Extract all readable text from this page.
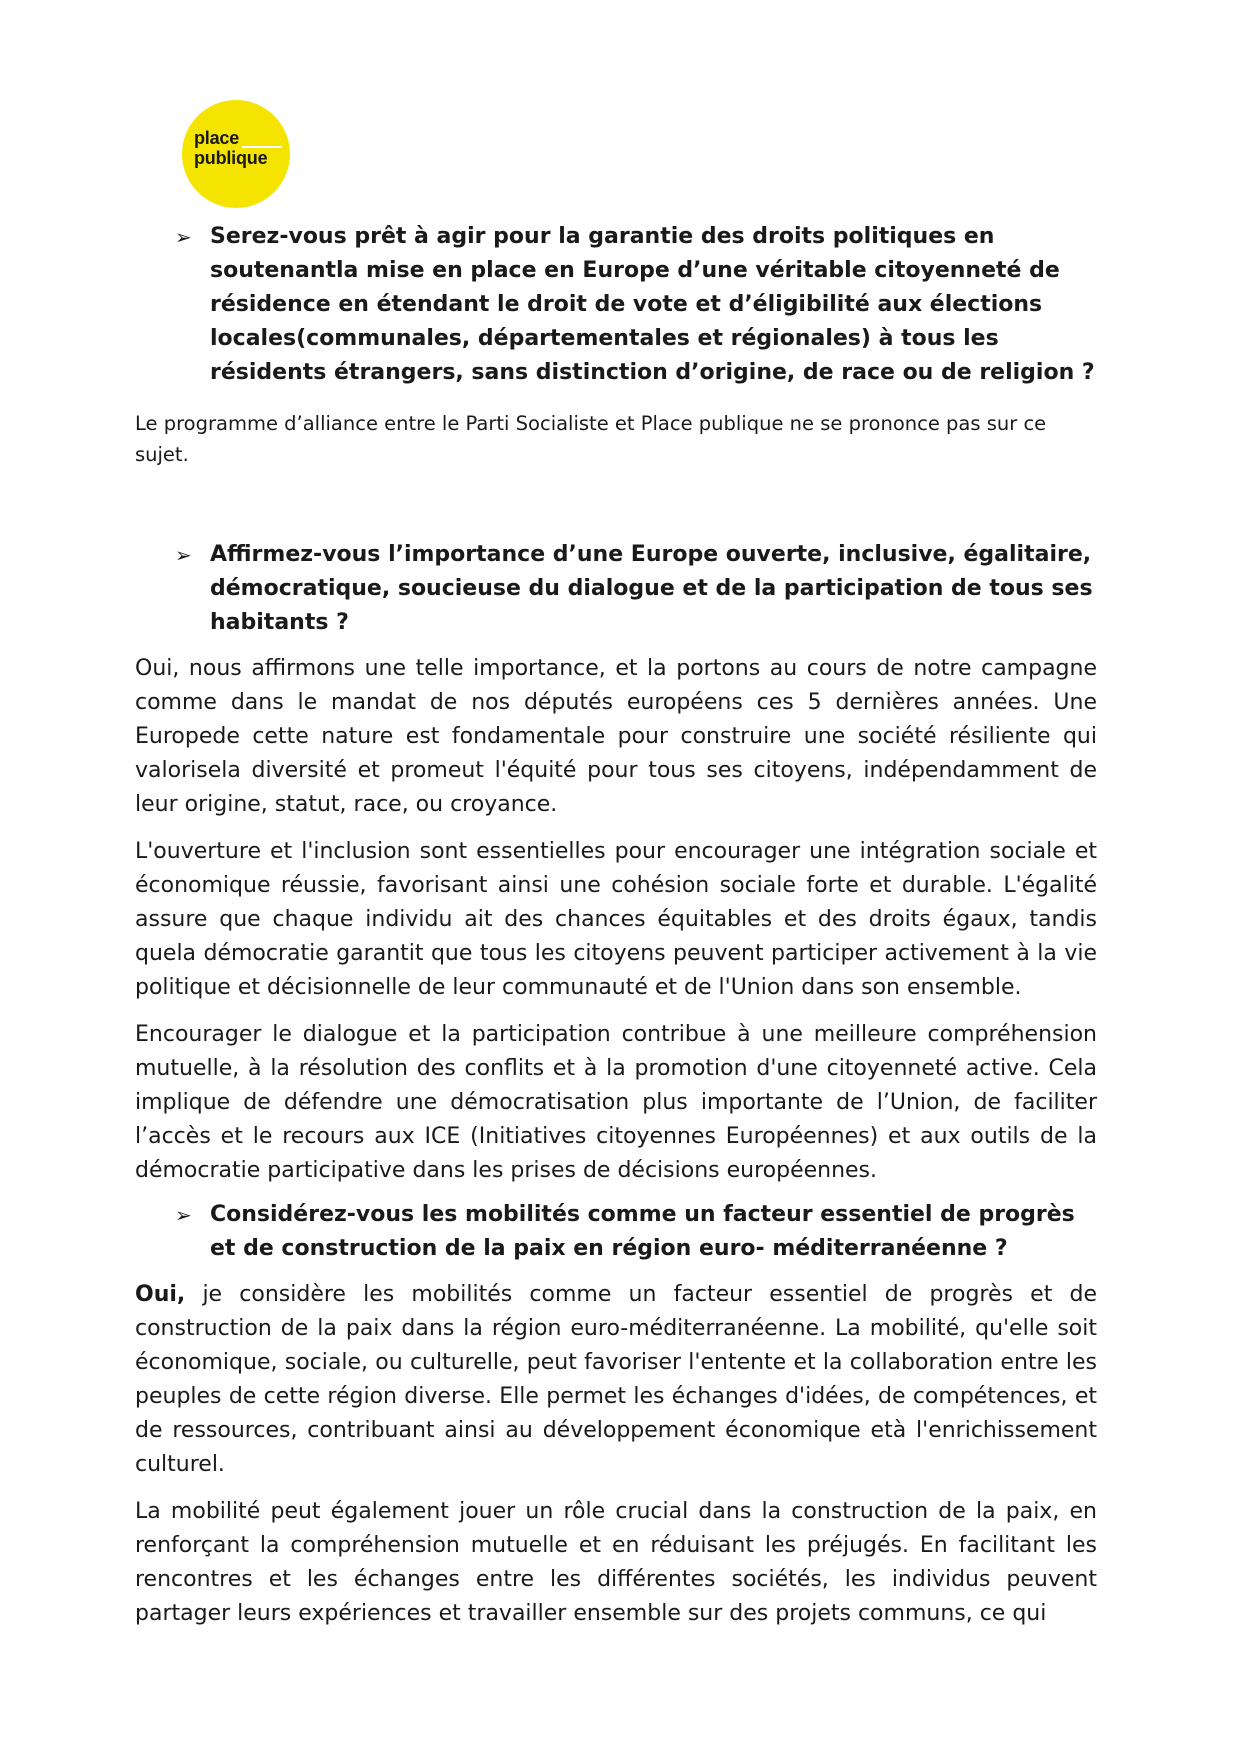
place
publique
➢ Serez-vous prêt à agir pour la garantie des droits politiques en soutenantla mise en place en Europe d’une véritable citoyenneté de résidence en étendant le droit de vote et d’éligibilité aux élections locales(communales, départementales et régionales) à tous les résidents étrangers, sans distinction d’origine, de race ou de religion ?

Le programme d’alliance entre le Parti Socialiste et Place publique ne se prononce pas sur ce sujet.

➢ Affirmez-vous l’importance d’une Europe ouverte, inclusive, égalitaire, démocratique, soucieuse du dialogue et de la participation de tous ses habitants ?

Oui, nous affirmons une telle importance, et la portons au cours de notre campagne comme dans le mandat de nos députés européens ces 5 dernières années. Une Europede cette nature est fondamentale pour construire une société résiliente qui valorisela diversité et promeut l'équité pour tous ses citoyens, indépendamment de leur origine, statut, race, ou croyance.

L'ouverture et l'inclusion sont essentielles pour encourager une intégration sociale et économique réussie, favorisant ainsi une cohésion sociale forte et durable. L'égalité assure que chaque individu ait des chances équitables et des droits égaux, tandis quela démocratie garantit que tous les citoyens peuvent participer activement à la vie politique et décisionnelle de leur communauté et de l'Union dans son ensemble.

Encourager le dialogue et la participation contribue à une meilleure compréhension mutuelle, à la résolution des conflits et à la promotion d'une citoyenneté active. Cela implique de défendre une démocratisation plus importante de l’Union, de faciliter l’accès et le recours aux ICE (Initiatives citoyennes Européennes) et aux outils de la démocratie participative dans les prises de décisions européennes.

➢ Considérez-vous les mobilités comme un facteur essentiel de progrès et de construction de la paix en région euro- méditerranéenne ?

Oui, je considère les mobilités comme un facteur essentiel de progrès et de construction de la paix dans la région euro-méditerranéenne. La mobilité, qu'elle soit économique, sociale, ou culturelle, peut favoriser l'entente et la collaboration entre les peuples de cette région diverse. Elle permet les échanges d'idées, de compétences, et de ressources, contribuant ainsi au développement économique età l'enrichissement culturel.

La mobilité peut également jouer un rôle crucial dans la construction de la paix, en renforçant la compréhension mutuelle et en réduisant les préjugés. En facilitant les rencontres et les échanges entre les différentes sociétés, les individus peuvent partager leurs expériences et travailler ensemble sur des projets communs, ce qui
